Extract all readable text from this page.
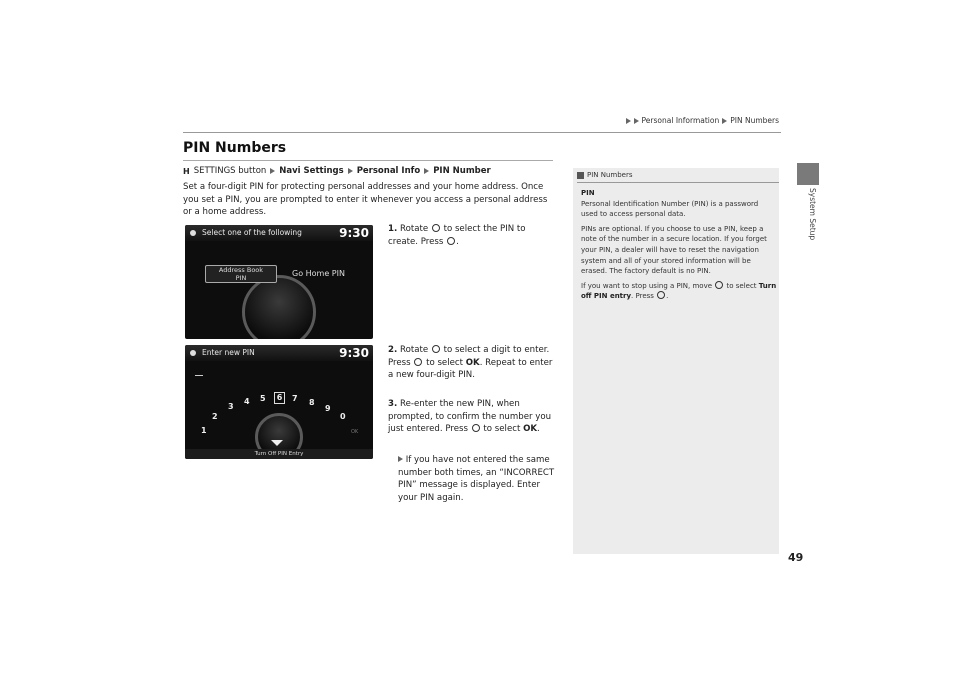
Personal Information PIN Numbers
System Setup
PIN Numbers
H SETTINGS button Navi Settings Personal Info PIN Number
Set a four-digit PIN for protecting personal addresses and your home address. Once you set a PIN, you are prompted to enter it whenever you access a personal address or a home address.
Select one of the following	9:30
Address Book
PIN	Go Home PIN
Enter new PIN	9:30
1
2
3
4 5	6	7 8
9
0
OK
Turn Off PIN Entry
1. Rotate  to select the PIN to create. Press .
2. Rotate  to select a digit to enter. Press  to select OK. Repeat to enter a new four-digit PIN.
3. Re-enter the new PIN, when prompted, to confirm the number you just entered. Press  to select OK.
If you have not entered the same number both times, an “INCORRECT PIN” message is displayed. Enter your PIN again.
PIN Numbers

PIN
Personal Identification Number (PIN) is a password used to access personal data.

PINs are optional. If you choose to use a PIN, keep a note of the number in a secure location. If you forget your PIN, a dealer will have to reset the navigation system and all of your stored information will be erased. The factory default is no PIN.

If you want to stop using a PIN, move  to select Turn off PIN entry. Press .

49
